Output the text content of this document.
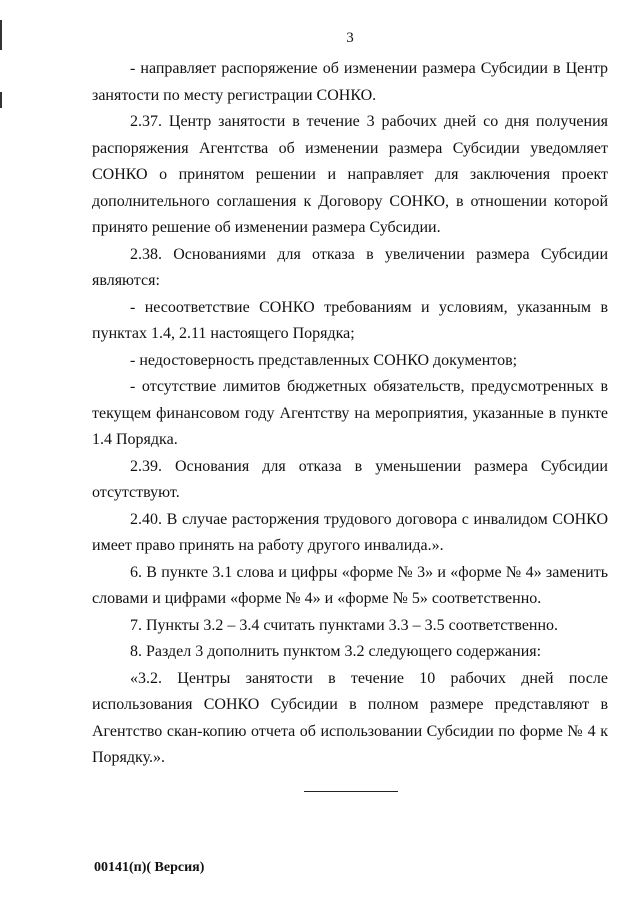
3

- направляет распоряжение об изменении размера Субсидии в Центр занятости по месту регистрации СОНКО.

2.37. Центр занятости в течение 3 рабочих дней со дня получения распоряжения Агентства об изменении размера Субсидии уведомляет СОНКО о принятом решении и направляет для заключения проект дополнительного соглашения к Договору СОНКО, в отношении которой принято решение об изменении размера Субсидии.

2.38. Основаниями для отказа в увеличении размера Субсидии являются:

- несоответствие СОНКО требованиям и условиям, указанным в пунктах 1.4, 2.11 настоящего Порядка;

- недостоверность представленных СОНКО документов;

- отсутствие лимитов бюджетных обязательств, предусмотренных в текущем финансовом году Агентству на мероприятия, указанные в пункте 1.4 Порядка.

2.39. Основания для отказа в уменьшении размера Субсидии отсутствуют.

2.40. В случае расторжения трудового договора с инвалидом СОНКО имеет право принять на работу другого инвалида.».

6. В пункте 3.1 слова и цифры «форме № 3» и «форме № 4» заменить словами и цифрами «форме № 4» и «форме № 5» соответственно.

7. Пункты 3.2 – 3.4 считать пунктами 3.3 – 3.5 соответственно.

8. Раздел 3 дополнить пунктом 3.2 следующего содержания:

«3.2. Центры занятости в течение 10 рабочих дней после использования СОНКО Субсидии в полном размере представляют в Агентство скан-копию отчета об использовании Субсидии по форме № 4 к Порядку.».

00141(п)( Версия)
